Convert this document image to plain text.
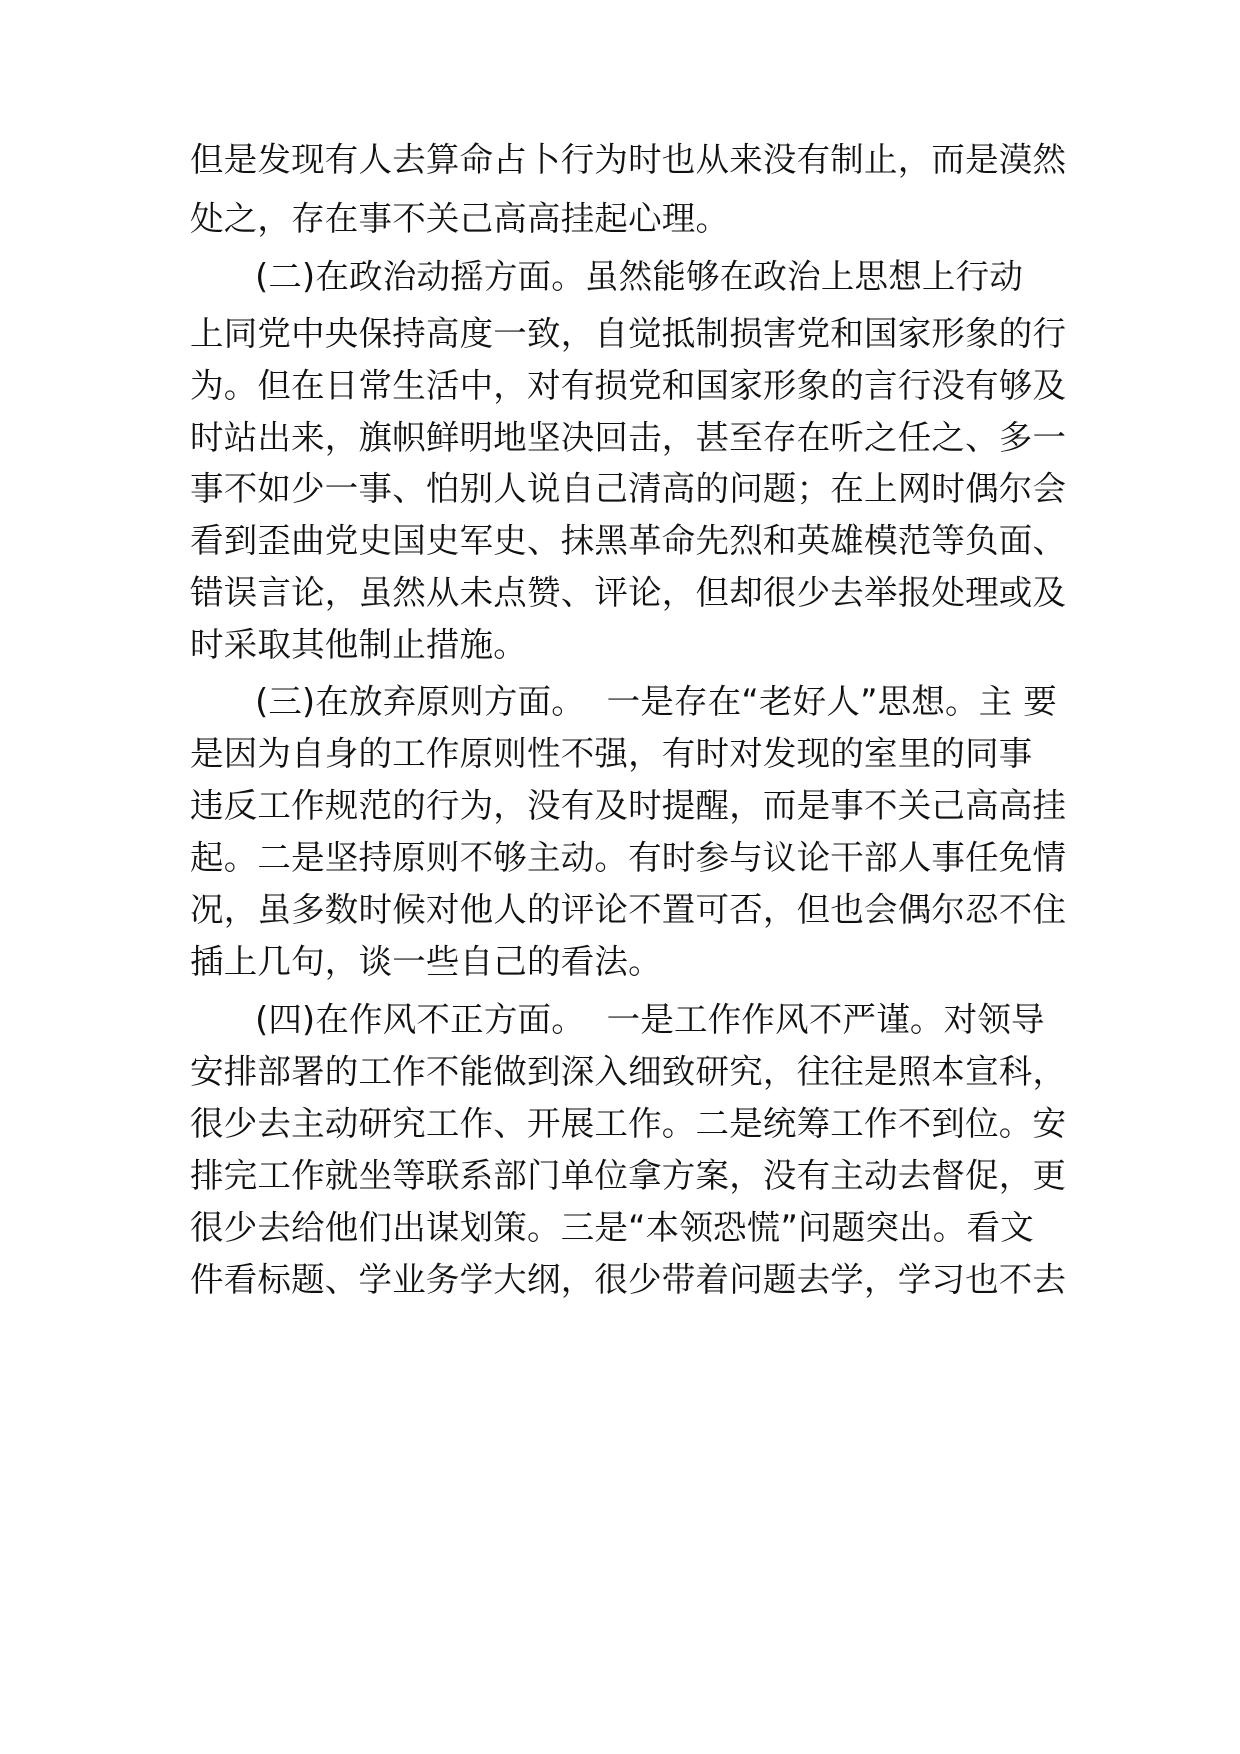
但是发现有人去算命占卜行为时也从来没有制止，而是漠然
处之，存在事不关己高高挂起心理。
(二)在政治动摇方面。虽然能够在政治上思想上行动
上同党中央保持高度一致，自觉抵制损害党和国家形象的行
为。但在日常生活中，对有损党和国家形象的言行没有够及
时站出来，旗帜鲜明地坚决回击，甚至存在听之任之、多一
事不如少一事、怕别人说自己清高的问题；在上网时偶尔会
看到歪曲党史国史军史、抹黑革命先烈和英雄模范等负面、
错误言论，虽然从未点赞、评论，但却很少去举报处理或及
时采取其他制止措施。
(三)在放弃原则方面。  一是存在“老好人”思想。主 要
是因为自身的工作原则性不强，有时对发现的室里的同事
违反工作规范的行为，没有及时提醒，而是事不关己高高挂
起。二是坚持原则不够主动。有时参与议论干部人事任免情
况，虽多数时候对他人的评论不置可否，但也会偶尔忍不住
插上几句，谈一些自己的看法。
(四)在作风不正方面。  一是工作作风不严谨。对领导
安排部署的工作不能做到深入细致研究，往往是照本宣科，
很少去主动研究工作、开展工作。二是统筹工作不到位。安
排完工作就坐等联系部门单位拿方案，没有主动去督促，更
很少去给他们出谋划策。三是“本领恐慌”问题突出。看文
件看标题、学业务学大纲，很少带着问题去学，学习也不去
